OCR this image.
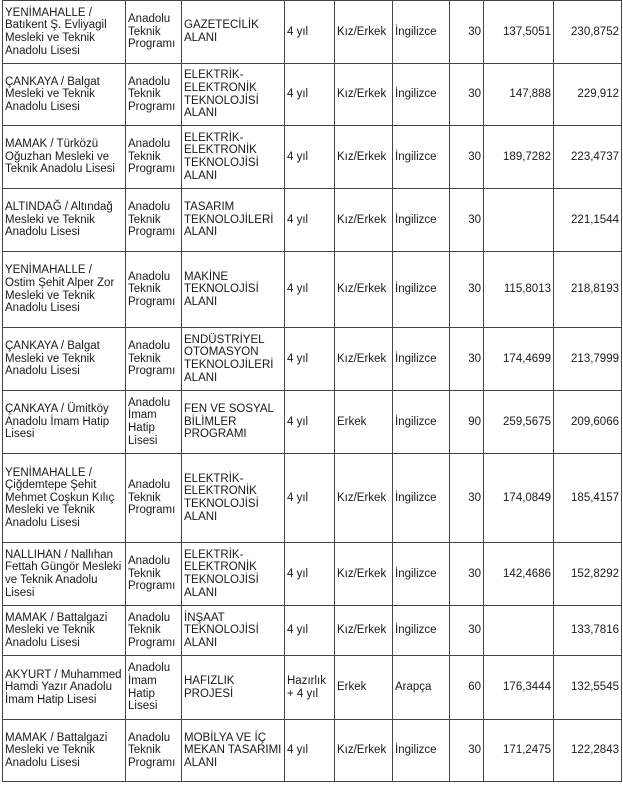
YENİMAHALLE / Batıkent Ş. Evliyagil Mesleki ve Teknik Anadolu Lisesi	Anadolu Teknik Programı	GAZETECİLİK ALANI	4 yıl	Kız/Erkek	İngilizce	30	137,5051	230,8752
ÇANKAYA / Balgat Mesleki ve Teknik Anadolu Lisesi	Anadolu Teknik Programı	ELEKTRİK-ELEKTRONİK TEKNOLOJİSİ ALANI	4 yıl	Kız/Erkek	İngilizce	30	147,888	229,912
MAMAK / Türközü Oğuzhan Mesleki ve Teknik Anadolu Lisesi	Anadolu Teknik Programı	ELEKTRİK-ELEKTRONİK TEKNOLOJİSİ ALANI	4 yıl	Kız/Erkek	İngilizce	30	189,7282	223,4737
ALTINDAĞ / Altındağ Mesleki ve Teknik Anadolu Lisesi	Anadolu Teknik Programı	TASARIM TEKNOLOJİLERİ ALANI	4 yıl	Kız/Erkek	İngilizce	30		221,1544
YENİMAHALLE / Ostim Şehit Alper Zor Mesleki ve Teknik Anadolu Lisesi	Anadolu Teknik Programı	MAKİNE TEKNOLOJİSİ ALANI	4 yıl	Kız/Erkek	İngilizce	30	115,8013	218,8193
ÇANKAYA / Balgat Mesleki ve Teknik Anadolu Lisesi	Anadolu Teknik Programı	ENDÜSTRİYEL OTOMASYON TEKNOLOJİLERİ ALANI	4 yıl	Kız/Erkek	İngilizce	30	174,4699	213,7999
ÇANKAYA / Ümitköy Anadolu İmam Hatip Lisesi	Anadolu İmam Hatip Lisesi	FEN VE SOSYAL BİLİMLER PROGRAMI	4 yıl	Erkek	İngilizce	90	259,5675	209,6066
YENİMAHALLE / Çiğdemtepe Şehit Mehmet Coşkun Kılıç Mesleki ve Teknik Anadolu Lisesi	Anadolu Teknik Programı	ELEKTRİK-ELEKTRONİK TEKNOLOJİSİ ALANI	4 yıl	Kız/Erkek	İngilizce	30	174,0849	185,4157
NALLIHAN / Nallıhan Fettah Güngör Mesleki ve Teknik Anadolu Lisesi	Anadolu Teknik Programı	ELEKTRİK-ELEKTRONİK TEKNOLOJİSİ ALANI	4 yıl	Kız/Erkek	İngilizce	30	142,4686	152,8292
MAMAK / Battalgazi Mesleki ve Teknik Anadolu Lisesi	Anadolu Teknik Programı	İNŞAAT TEKNOLOJİSİ ALANI	4 yıl	Kız/Erkek	İngilizce	30		133,7816
AKYURT / Muhammed Hamdi Yazır Anadolu İmam Hatip Lisesi	Anadolu İmam Hatip Lisesi	HAFIZLIK PROJESİ	Hazırlık + 4 yıl	Erkek	Arapça	60	176,3444	132,5545
MAMAK / Battalgazi Mesleki ve Teknik Anadolu Lisesi	Anadolu Teknik Programı	MOBİLYA VE İÇ MEKAN TASARIMI ALANI	4 yıl	Kız/Erkek	İngilizce	30	171,2475	122,2843
